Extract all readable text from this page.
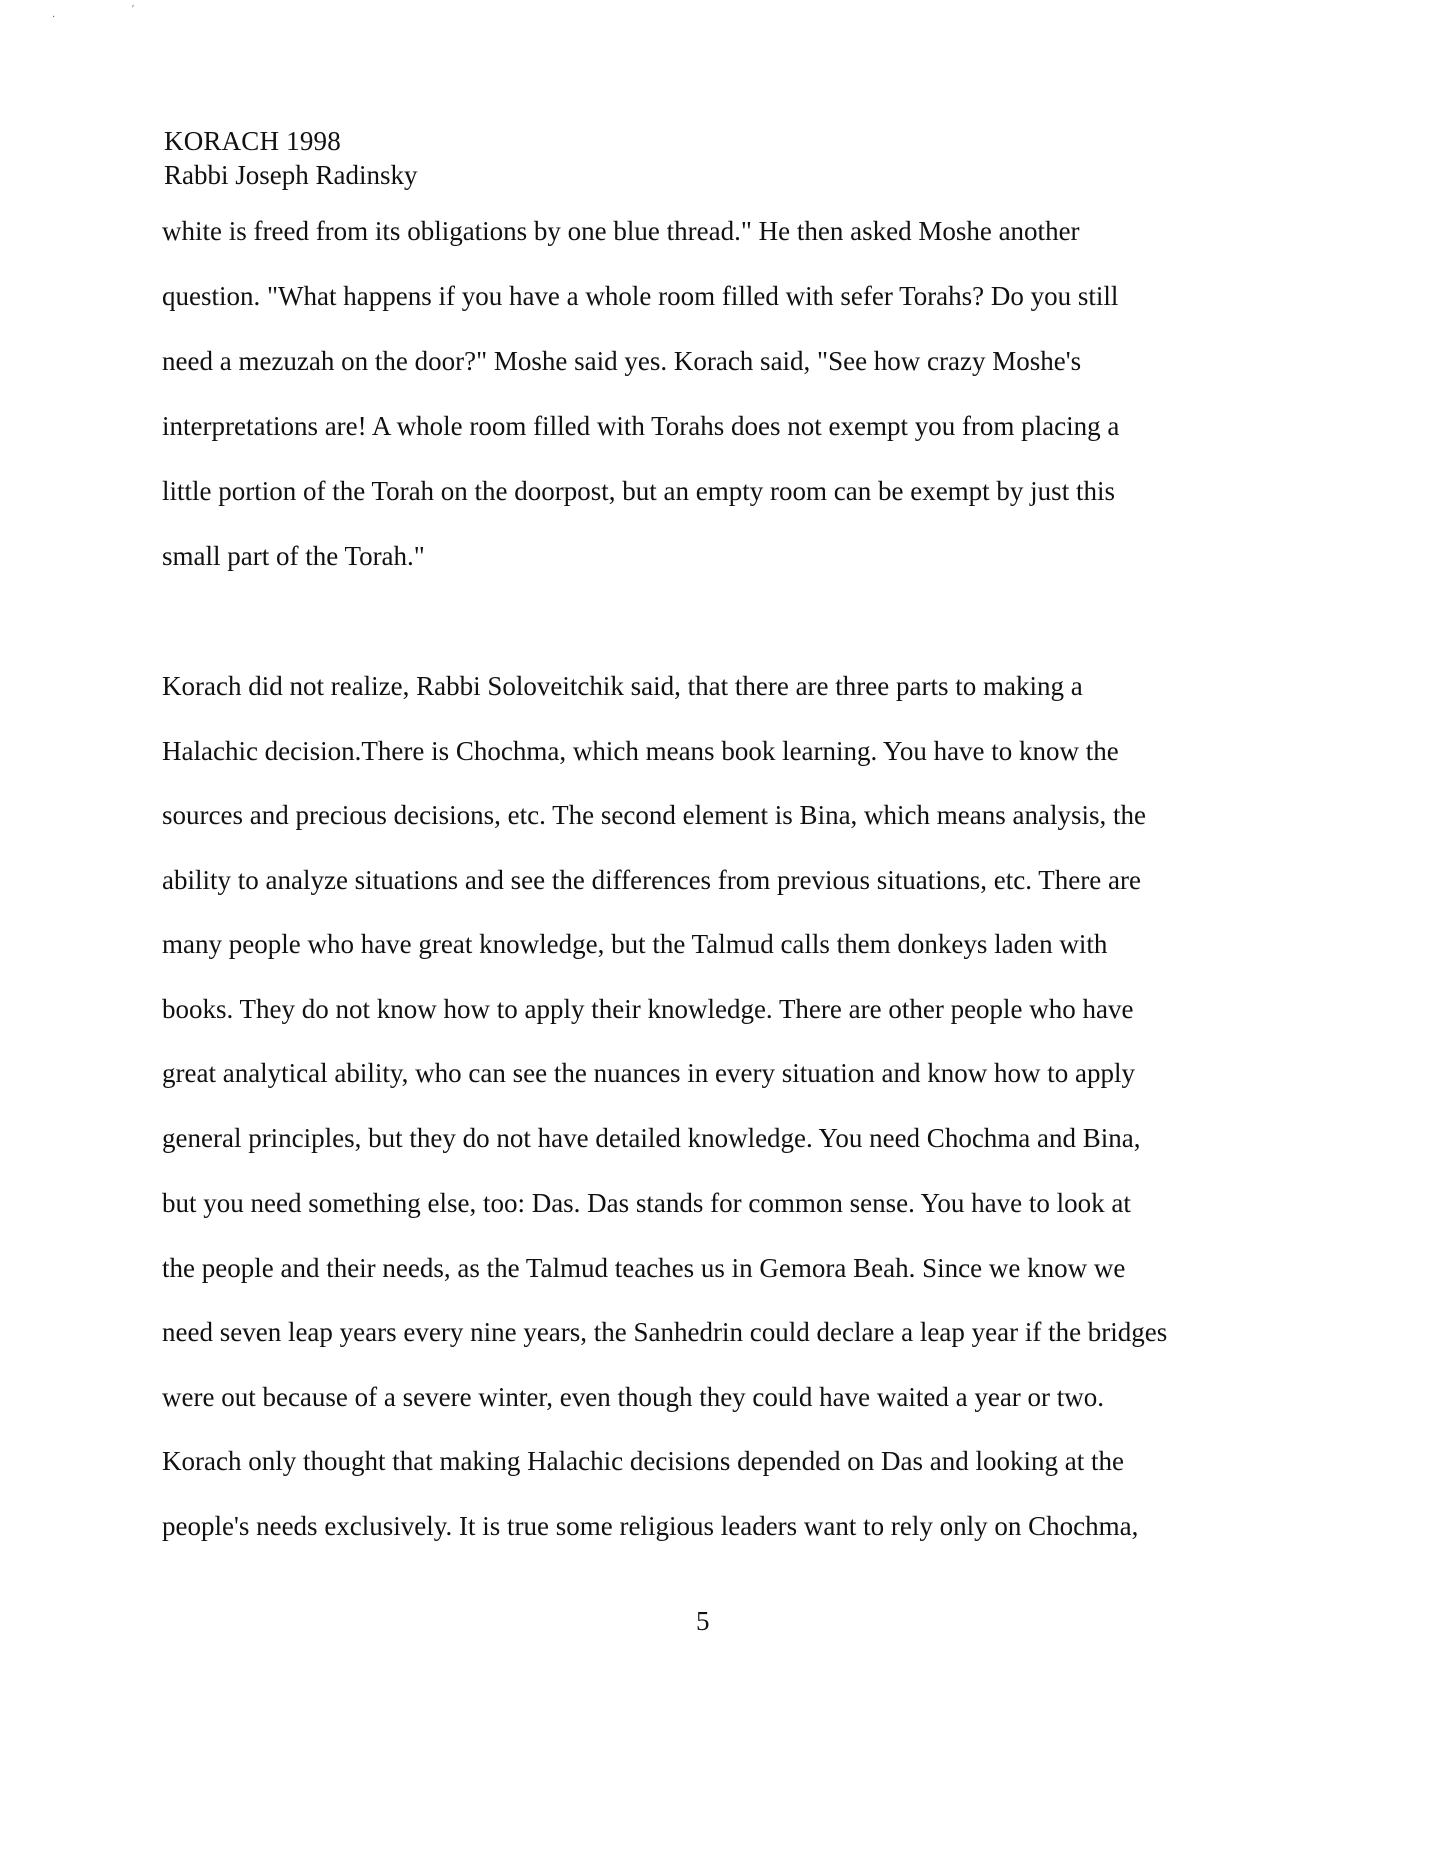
·
ʹ
KORACH 1998
Rabbi Joseph Radinsky
white is freed from its obligations by one blue thread." He then asked Moshe another
question. "What happens if you have a whole room filled with sefer Torahs? Do you still
need a mezuzah on the door?" Moshe said yes. Korach said, "See how crazy Moshe's
interpretations are! A whole room filled with Torahs does not exempt you from placing a
little portion of the Torah on the doorpost, but an empty room can be exempt by just this
small part of the Torah."
Korach did not realize, Rabbi Soloveitchik said, that there are three parts to making a
Halachic decision.There is Chochma, which means book learning. You have to know the
sources and precious decisions, etc. The second element is Bina, which means analysis, the
ability to analyze situations and see the differences from previous situations, etc. There are
many people who have great knowledge, but the Talmud calls them donkeys laden with
books. They do not know how to apply their knowledge. There are other people who have
great analytical ability, who can see the nuances in every situation and know how to apply
general principles, but they do not have detailed knowledge. You need Chochma and Bina,
but you need something else, too: Das. Das stands for common sense. You have to look at
the people and their needs, as the Talmud teaches us in Gemora Beah. Since we know we
need seven leap years every nine years, the Sanhedrin could declare a leap year if the bridges
were out because of a severe winter, even though they could have waited a year or two.
Korach only thought that making Halachic decisions depended on Das and looking at the
people's needs exclusively. It is true some religious leaders want to rely only on Chochma,
5
